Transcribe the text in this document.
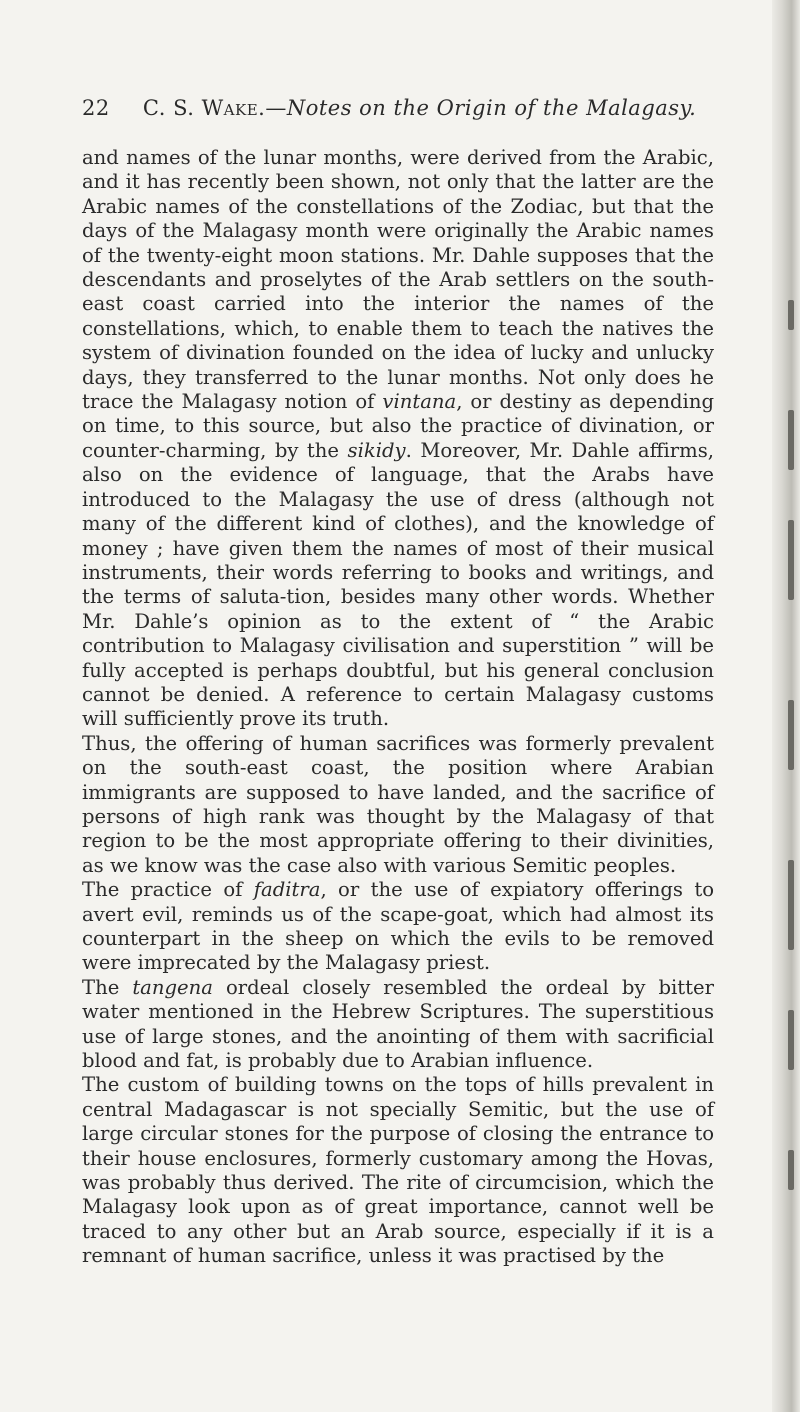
22 C. S. Wake.—Notes on the Origin of the Malagasy.

and names of the lunar months, were derived from the Arabic, and it has recently been shown, not only that the latter are the Arabic names of the constellations of the Zodiac, but that the days of the Malagasy month were originally the Arabic names of the twenty-eight moon stations. Mr. Dahle supposes that the descendants and proselytes of the Arab settlers on the south-east coast carried into the interior the names of the constellations, which, to enable them to teach the natives the system of divination founded on the idea of lucky and unlucky days, they transferred to the lunar months. Not only does he trace the Malagasy notion of vintana, or destiny as depending on time, to this source, but also the practice of divination, or counter-charming, by the sikidy. Moreover, Mr. Dahle affirms, also on the evidence of language, that the Arabs have introduced to the Malagasy the use of dress (although not many of the different kind of clothes), and the knowledge of money ; have given them the names of most of their musical instruments, their words referring to books and writings, and the terms of saluta-tion, besides many other words. Whether Mr. Dahle’s opinion as to the extent of “ the Arabic contribution to Malagasy civilisation and superstition ” will be fully accepted is perhaps doubtful, but his general conclusion cannot be denied. A reference to certain Malagasy customs will sufficiently prove its truth.

Thus, the offering of human sacrifices was formerly prevalent on the south-east coast, the position where Arabian immigrants are supposed to have landed, and the sacrifice of persons of high rank was thought by the Malagasy of that region to be the most appropriate offering to their divinities, as we know was the case also with various Semitic peoples.

The practice of faditra, or the use of expiatory offerings to avert evil, reminds us of the scape-goat, which had almost its counterpart in the sheep on which the evils to be removed were imprecated by the Malagasy priest.

The tangena ordeal closely resembled the ordeal by bitter water mentioned in the Hebrew Scriptures. The superstitious use of large stones, and the anointing of them with sacrificial blood and fat, is probably due to Arabian influence.

The custom of building towns on the tops of hills prevalent in central Madagascar is not specially Semitic, but the use of large circular stones for the purpose of closing the entrance to their house enclosures, formerly customary among the Hovas, was probably thus derived. The rite of circumcision, which the Malagasy look upon as of great importance, cannot well be traced to any other but an Arab source, especially if it is a remnant of human sacrifice, unless it was practised by the
